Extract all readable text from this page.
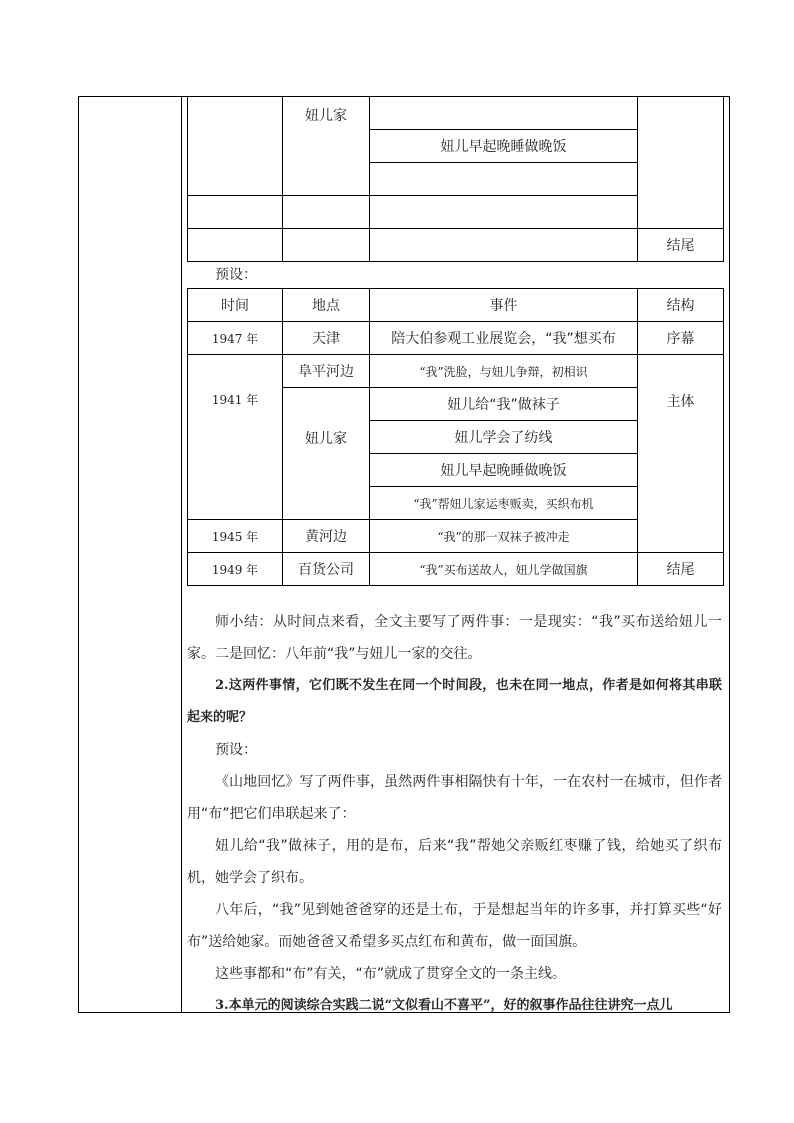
	妞儿家		
		妞儿早起晚睡做晚饭	

			结尾
预设：
时间	地点	事件	结构
1947 年	天津	陪大伯参观工业展览会，“我”想买布	序幕
1941 年	阜平河边	“我”洗脸，与妞儿争辩，初相识	主体
	妞儿家	妞儿给“我”做袜子	
		妞儿学会了纺线	
		妞儿早起晚睡做晚饭	
		“我”帮妞儿家运枣贩卖，买织布机	
1945 年	黄河边	“我”的那一双袜子被冲走	
1949 年	百货公司	“我”买布送故人，妞儿学做国旗	结尾

师小结：从时间点来看，全文主要写了两件事：一是现实：“我”买布送给妞儿一家。二是回忆：八年前“我”与妞儿一家的交往。

2.这两件事情，它们既不发生在同一个时间段，也未在同一地点，作者是如何将其串联起来的呢？

预设：

《山地回忆》写了两件事，虽然两件事相隔快有十年，一在农村一在城市，但作者用“布”把它们串联起来了：

妞儿给“我”做袜子，用的是布，后来“我”帮她父亲贩红枣赚了钱，给她买了织布机，她学会了织布。

八年后，“我”见到她爸爸穿的还是土布，于是想起当年的许多事，并打算买些“好布”送给她家。而她爸爸又希望多买点红布和黄布，做一面国旗。

这些事都和“布”有关，“布”就成了贯穿全文的一条主线。

3.本单元的阅读综合实践二说“文似看山不喜平”，好的叙事作品往往讲究一点儿
